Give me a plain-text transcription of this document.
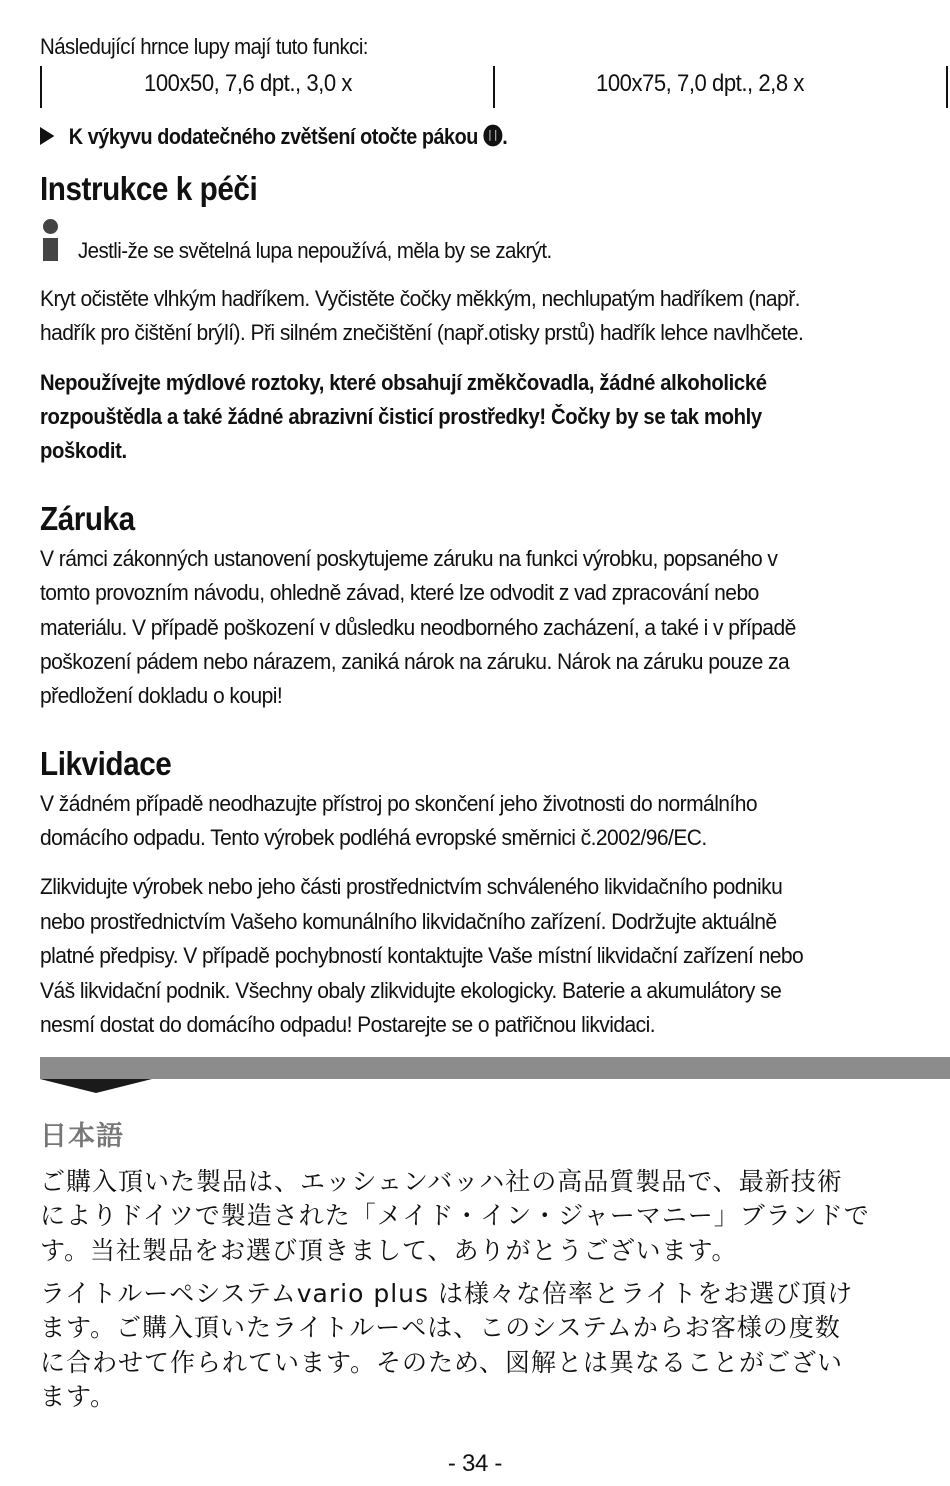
Následující hrnce lupy mají tuto funkci:

100x50, 7,6 dpt., 3,0 x	100x75, 7,0 dpt., 2,8 x
K výkyvu dodatečného zvětšení otočte pákou ⓫.
Instrukce k péči

Jestli-že se světelná lupa nepoužívá, měla by se zakrýt.

Kryt očistěte vlhkým hadříkem. Vyčistěte čočky měkkým, nechlupatým hadříkem (např.

hadřík pro čištění brýlí). Při silném znečištění (např.otisky prstů) hadřík lehce navlhčete.

Nepoužívejte mýdlové roztoky, které obsahují změkčovadla, žádné alkoholické

rozpouštědla a také žádné abrazivní čisticí prostředky! Čočky by se tak mohly

poškodit.

Záruka

V rámci zákonných ustanovení poskytujeme záruku na funkci výrobku, popsaného v

tomto provozním návodu, ohledně závad, které lze odvodit z vad zpracování nebo

materiálu. V případě poškození v důsledku neodborného zacházení, a také i v případě

poškození pádem nebo nárazem, zaniká nárok na záruku. Nárok na záruku pouze za

předložení dokladu o koupi!

Likvidace

V žádném případě neodhazujte přístroj po skončení jeho životnosti do normálního

domácího odpadu. Tento výrobek podléhá evropské směrnici č.2002/96/EC.

Zlikvidujte výrobek nebo jeho části prostřednictvím schváleného likvidačního podniku

nebo prostřednictvím Vašeho komunálního likvidačního zařízení. Dodržujte aktuálně

platné předpisy. V případě pochybností kontaktujte Vaše místní likvidační zařízení nebo

Váš likvidační podnik. Všechny obaly zlikvidujte ekologicky. Baterie a akumulátory se

nesmí dostat do domácího odpadu! Postarejte se o patřičnou likvidaci.

日本語

ご購入頂いた製品は、エッシェンバッハ社の高品質製品で、最新技術

によりドイツで製造された「メイド・イン・ジャーマニー」ブランドで

す。当社製品をお選び頂きまして、ありがとうございます。

ライトルーペシステムvario plus は様々な倍率とライトをお選び頂け

ます。ご購入頂いたライトルーペは、このシステムからお客様の度数

に合わせて作られています。そのため、図解とは異なることがござい

ます。

- 34 -
